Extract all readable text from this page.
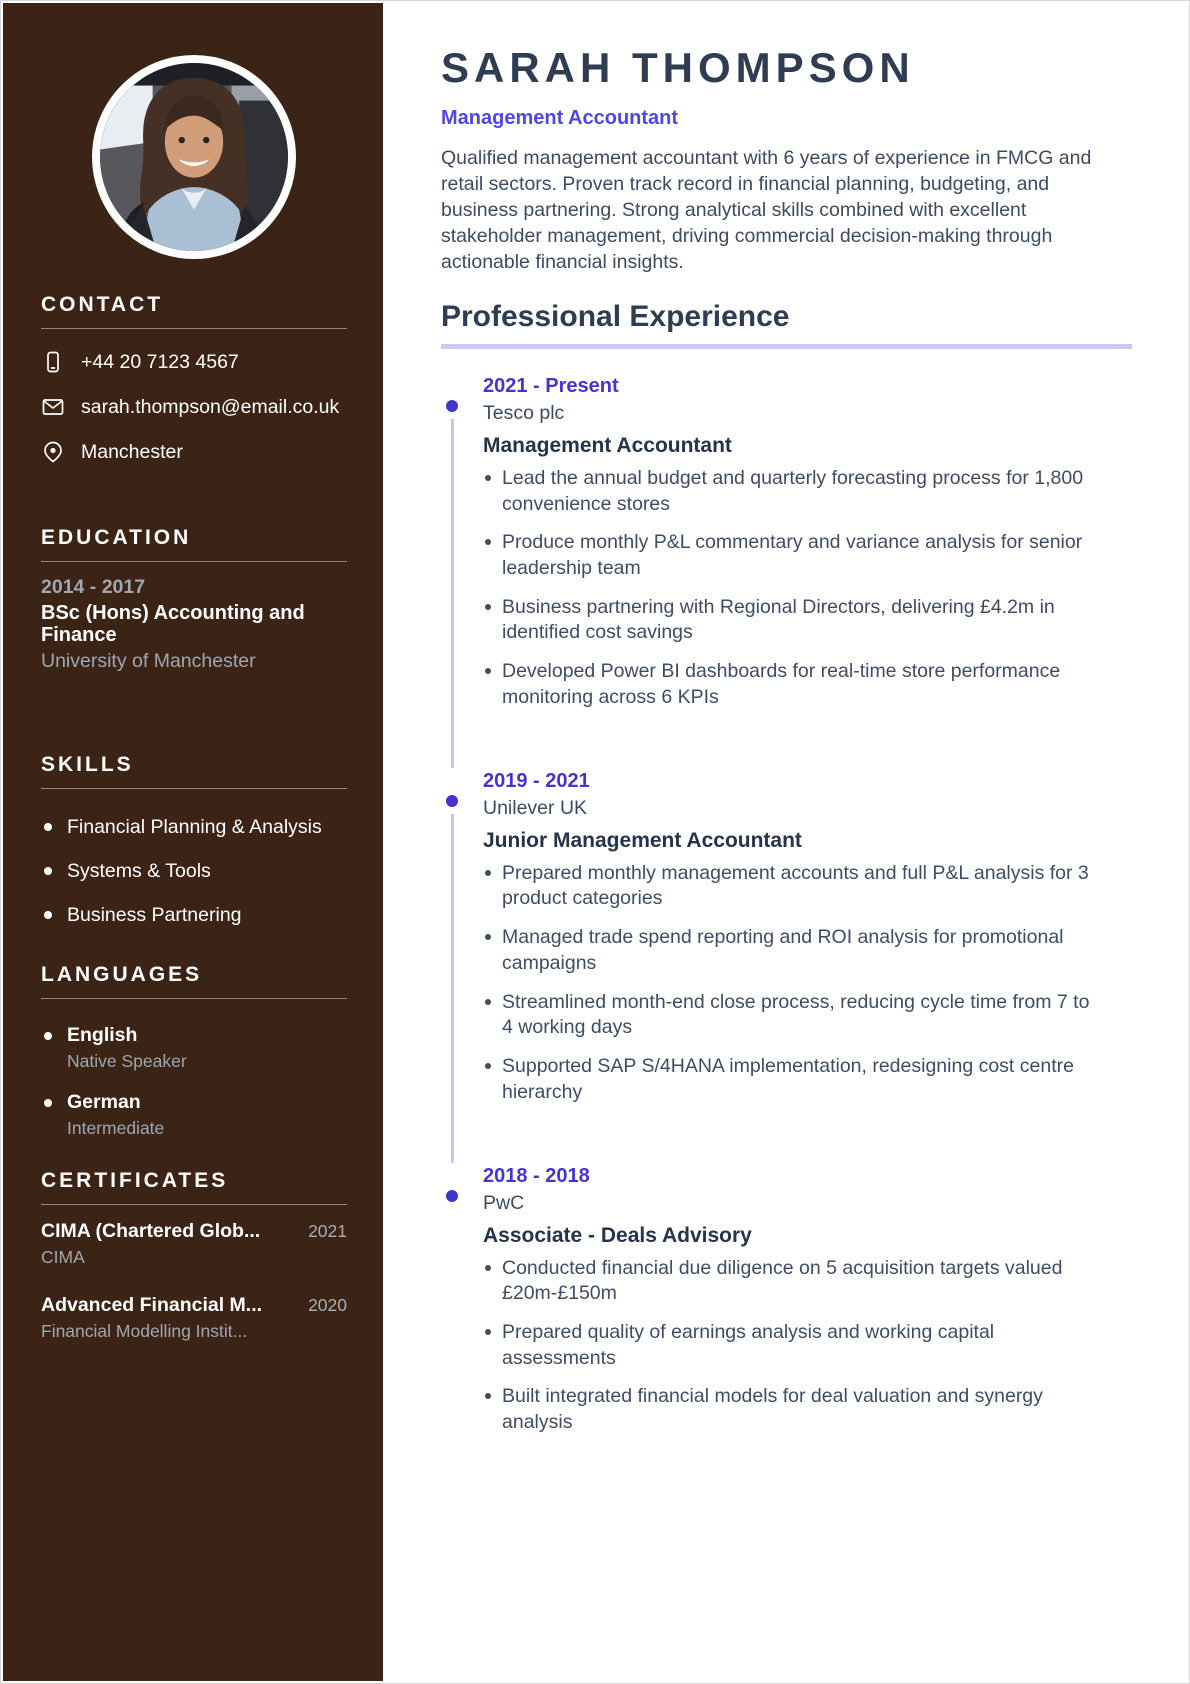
CONTACT
+44 20 7123 4567
sarah.thompson@email.co.uk
Manchester
EDUCATION
2014 - 2017
BSc (Hons) Accounting and Finance
University of Manchester
SKILLS
Financial Planning & Analysis
Systems & Tools
Business Partnering
LANGUAGES
English
Native Speaker
German
Intermediate
CERTIFICATES
CIMA (Chartered Glob...	2021
CIMA
Advanced Financial M...	2020
Financial Modelling Instit...
SARAH THOMPSON
Management Accountant

Qualified management accountant with 6 years of experience in FMCG and retail sectors. Proven track record in financial planning, budgeting, and business partnering. Strong analytical skills combined with excellent stakeholder management, driving commercial decision-making through actionable financial insights.

Professional Experience
2021 - Present
Tesco plc
Management Accountant
Lead the annual budget and quarterly forecasting process for 1,800 convenience stores
Produce monthly P&L commentary and variance analysis for senior leadership team
Business partnering with Regional Directors, delivering £4.2m in identified cost savings
Developed Power BI dashboards for real-time store performance monitoring across 6 KPIs
2019 - 2021
Unilever UK
Junior Management Accountant
Prepared monthly management accounts and full P&L analysis for 3 product categories
Managed trade spend reporting and ROI analysis for promotional campaigns
Streamlined month-end close process, reducing cycle time from 7 to 4 working days
Supported SAP S/4HANA implementation, redesigning cost centre hierarchy
2018 - 2018
PwC
Associate - Deals Advisory
Conducted financial due diligence on 5 acquisition targets valued £20m-£150m
Prepared quality of earnings analysis and working capital assessments
Built integrated financial models for deal valuation and synergy analysis
